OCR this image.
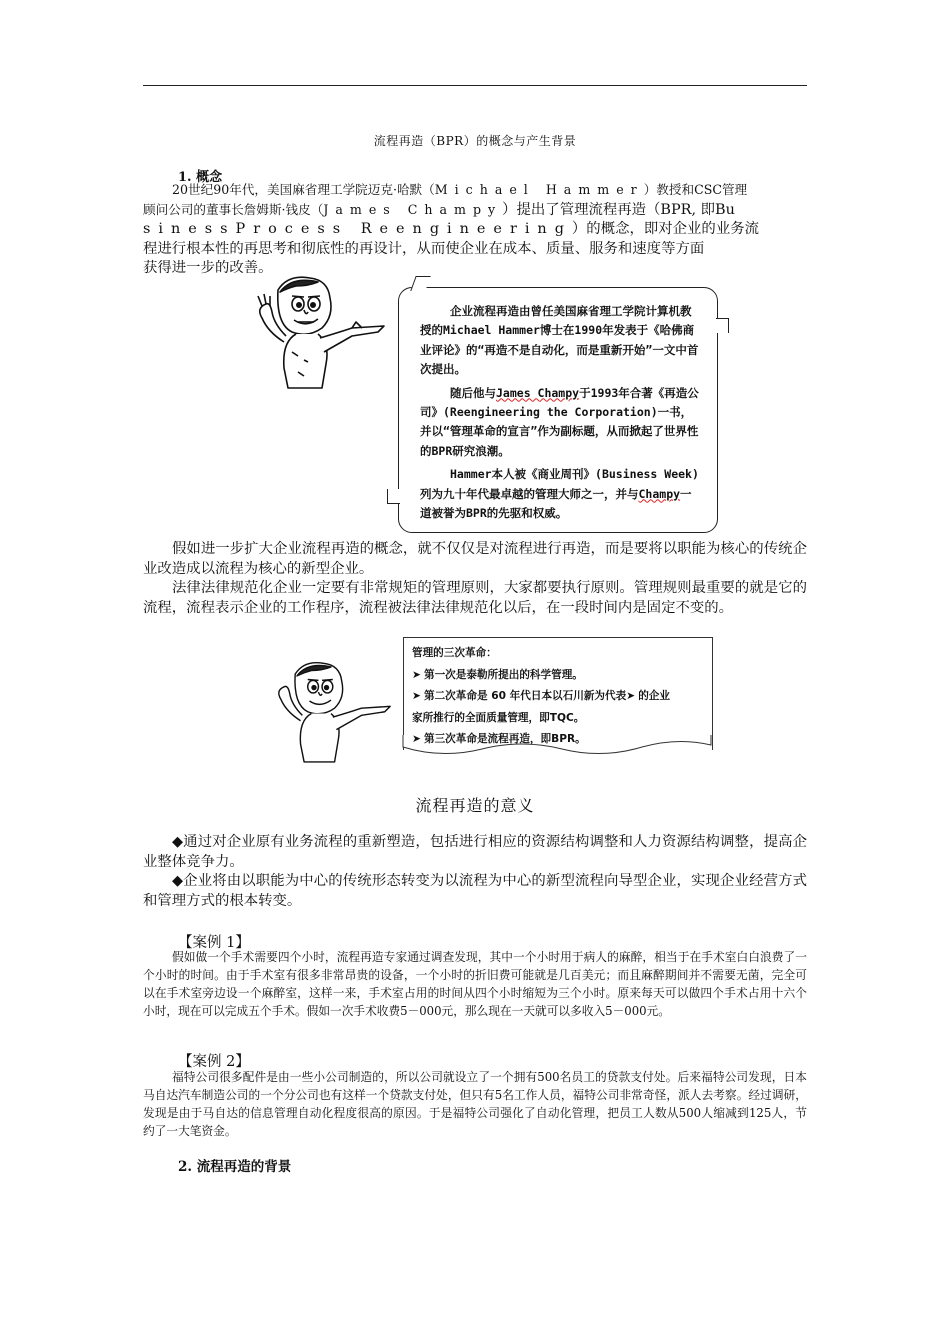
流程再造（BPR）的概念与产生背景
1. 概念

20世纪90年代，美国麻省理工学院迈克·哈默（Michael Hammer）教授和CSC管理

顾问公司的董事长詹姆斯·钱皮（James Champy）提出了管理流程再造（BPR, 即Bu

sinessProcess Reengineering）的概念，即对企业的业务流

程进行根本性的再思考和彻底性的再设计，从而使企业在成本、质量、服务和速度等方面

获得进一步的改善。

企业流程再造由曾任美国麻省理工学院计算机教授的Michael Hammer博士在1990年发表于《哈佛商业评论》的“再造不是自动化，而是重新开始”一文中首次提出。

随后他与James Champy于1993年合著《再造公司》(Reengineering the Corporation)一书，并以“管理革命的宣言”作为副标题，从而掀起了世界性的BPR研究浪潮。

Hammer本人被《商业周刊》(Business Week)列为九十年代最卓越的管理大师之一，并与Champy一道被誉为BPR的先驱和权威。

假如进一步扩大企业流程再造的概念，就不仅仅是对流程进行再造，而是要将以职能为核心的传统企业改造成以流程为核心的新型企业。

法律法律规范化企业一定要有非常规矩的管理原则，大家都要执行原则。管理规则最重要的就是它的流程，流程表示企业的工作程序，流程被法律法律规范化以后，在一段时间内是固定不变的。

管理的三次革命：
➤ 第一次是泰勒所提出的科学管理。
➤ 第二次革命是 60 年代日本以石川新为代表➤ 的企业
家所推行的全面质量管理，即TQC。
➤ 第三次革命是流程再造，即BPR。
流程再造的意义

◆通过对企业原有业务流程的重新塑造，包括进行相应的资源结构调整和人力资源结构调整，提高企业整体竞争力。

◆企业将由以职能为中心的传统形态转变为以流程为中心的新型流程向导型企业，实现企业经营方式和管理方式的根本转变。

【案例 1】

假如做一个手术需要四个小时，流程再造专家通过调查发现，其中一个小时用于病人的麻醉，相当于在手术室白白浪费了一个小时的时间。由于手术室有很多非常昂贵的设备，一个小时的折旧费可能就是几百美元；而且麻醉期间并不需要无菌，完全可以在手术室旁边设一个麻醉室，这样一来，手术室占用的时间从四个小时缩短为三个小时。原来每天可以做四个手术占用十六个小时，现在可以完成五个手术。假如一次手术收费5－000元，那么现在一天就可以多收入5－000元。

【案例 2】

福特公司很多配件是由一些小公司制造的，所以公司就设立了一个拥有500名员工的贷款支付处。后来福特公司发现，日本马自达汽车制造公司的一个分公司也有这样一个贷款支付处，但只有5名工作人员，福特公司非常奇怪，派人去考察。经过调研，发现是由于马自达的信息管理自动化程度很高的原因。于是福特公司强化了自动化管理，把员工人数从500人缩减到125人，节约了一大笔资金。

2. 流程再造的背景
